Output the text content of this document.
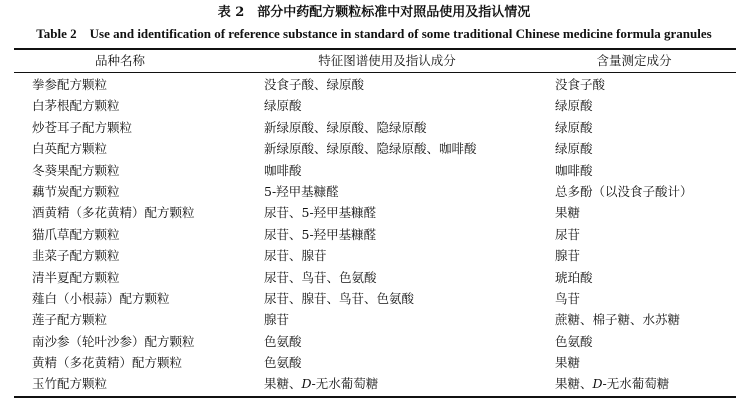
表 2　部分中药配方颗粒标准中对照品使用及指认情况
Table 2　Use and identification of reference substance in standard of some traditional Chinese medicine formula granules
品种名称	特征图谱使用及指认成分	含量测定成分
拳参配方颗粒	没食子酸、绿原酸	没食子酸
白茅根配方颗粒	绿原酸	绿原酸
炒苍耳子配方颗粒	新绿原酸、绿原酸、隐绿原酸	绿原酸
白英配方颗粒	新绿原酸、绿原酸、隐绿原酸、咖啡酸	绿原酸
冬葵果配方颗粒	咖啡酸	咖啡酸
藕节炭配方颗粒	5-羟甲基糠醛	总多酚（以没食子酸计）
酒黄精（多花黄精）配方颗粒	尿苷、5-羟甲基糠醛	果糖
猫爪草配方颗粒	尿苷、5-羟甲基糠醛	尿苷
韭菜子配方颗粒	尿苷、腺苷	腺苷
清半夏配方颗粒	尿苷、鸟苷、色氨酸	琥珀酸
薤白（小根蒜）配方颗粒	尿苷、腺苷、鸟苷、色氨酸	鸟苷
莲子配方颗粒	腺苷	蔗糖、棉子糖、水苏糖
南沙参（轮叶沙参）配方颗粒	色氨酸	色氨酸
黄精（多花黄精）配方颗粒	色氨酸	果糖
玉竹配方颗粒	果糖、D-无水葡萄糖	果糖、D-无水葡萄糖
